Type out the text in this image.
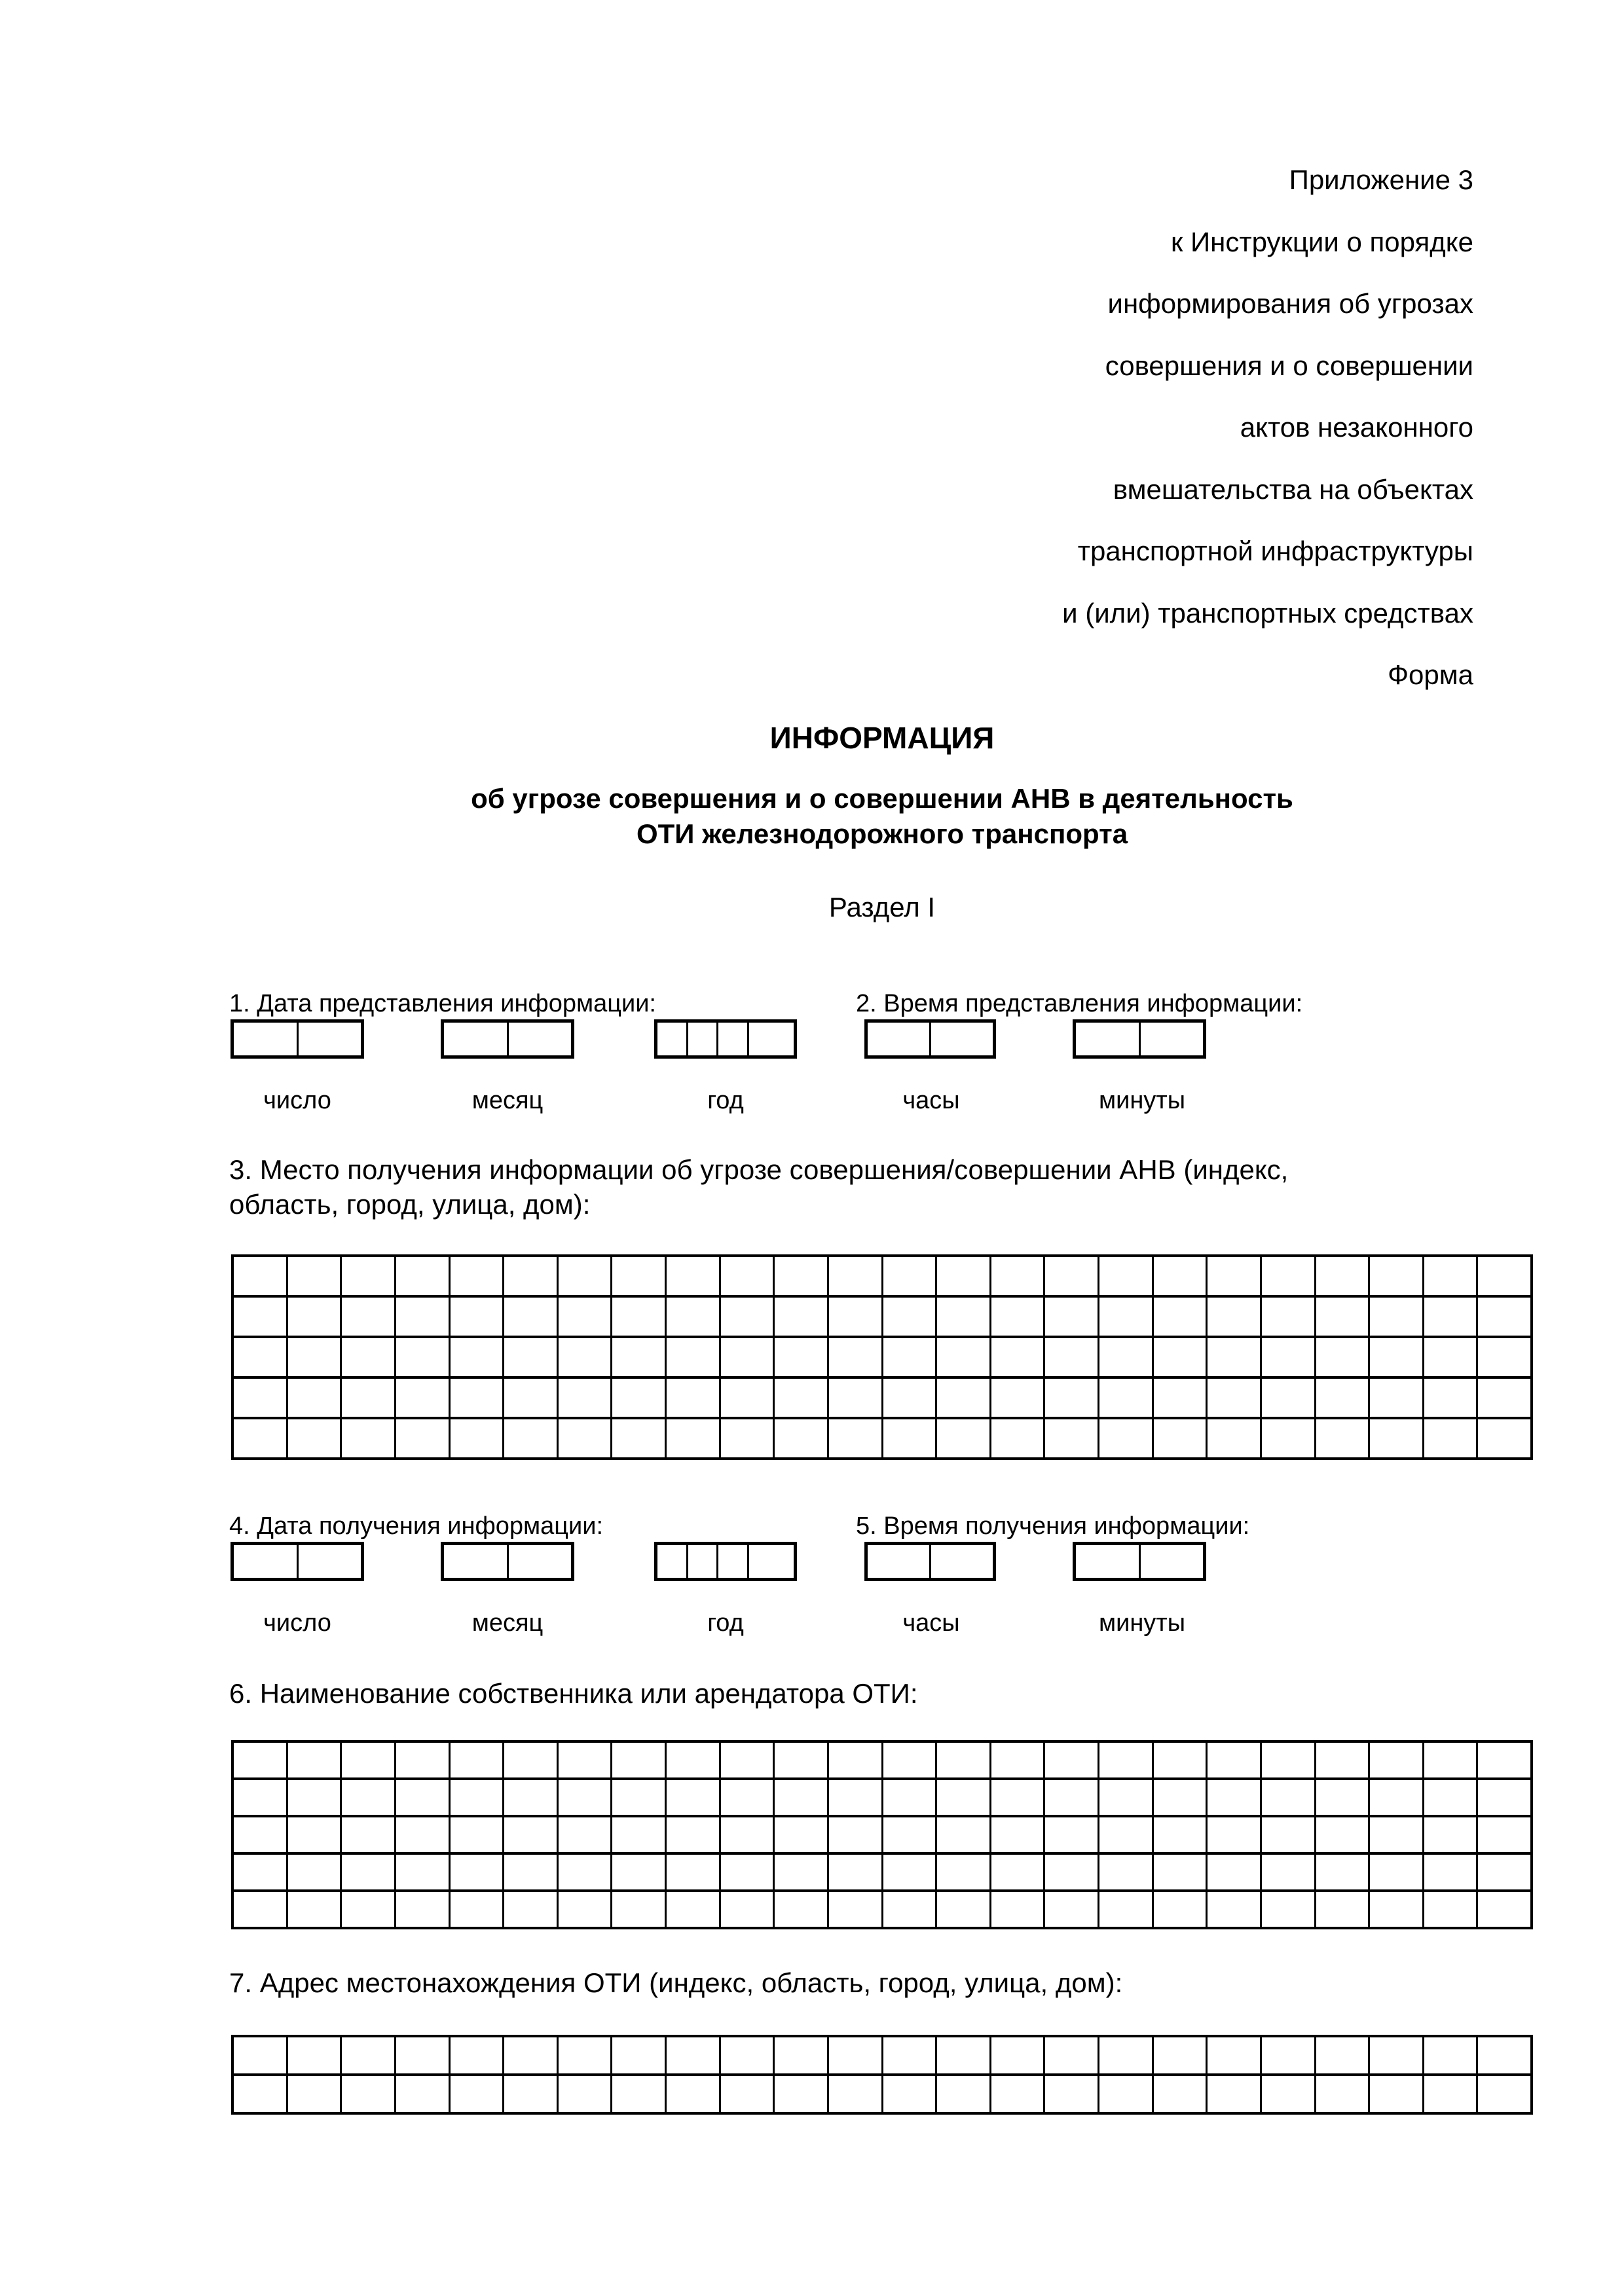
Приложение 3
к Инструкции о порядке
информирования об угрозах
совершения и о совершении
актов незаконного
вмешательства на объектах
транспортной инфраструктуры
и (или) транспортных средствах
Форма
ИНФОРМАЦИЯ
об угрозе совершения и о совершении АНВ в деятельность
ОТИ железнодорожного транспорта
Раздел I
1. Дата представления информации:	2. Время представления информации:
число	месяц	год	часы	минуты
3. Место получения информации об угрозе совершения/совершении АНВ (индекс,
область, город, улица, дом):
4. Дата получения информации:	5. Время получения информации:
число	месяц	год	часы	минуты
6. Наименование собственника или арендатора ОТИ:
7. Адрес местонахождения ОТИ (индекс, область, город, улица, дом):
